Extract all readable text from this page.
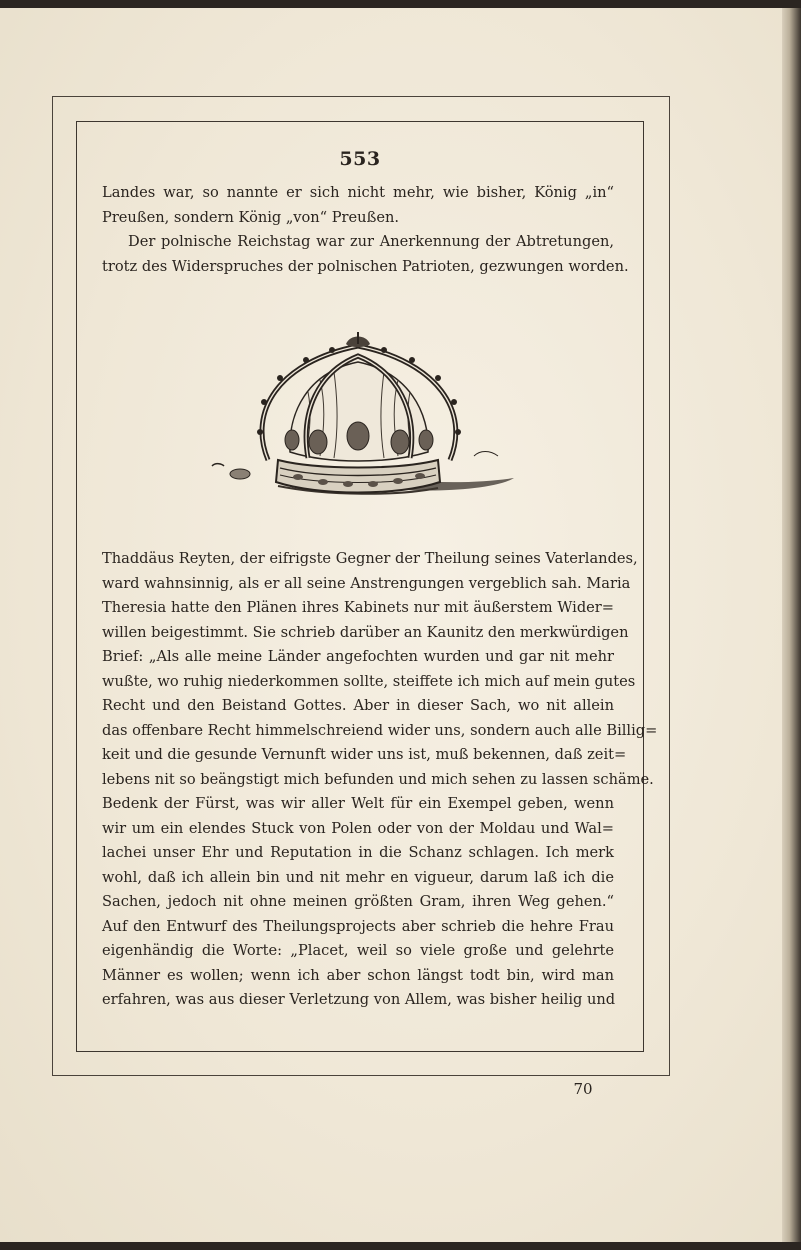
553
Landes war, so nannte er sich nicht mehr, wie bisher, König „in“
Preußen, sondern König „von“ Preußen.
Der polnische Reichstag war zur Anerkennung der Abtretungen,
trotz des Widerspruches der polnischen Patrioten, gezwungen worden.
Thaddäus Reyten, der eifrigste Gegner der Theilung seines Vaterlandes,
ward wahnsinnig, als er all seine Anstrengungen vergeblich sah. Maria
Theresia hatte den Plänen ihres Kabinets nur mit äußerstem Wider=
willen beigestimmt. Sie schrieb darüber an Kaunitz den merkwürdigen
Brief: „Als alle meine Länder angefochten wurden und gar nit mehr
wußte, wo ruhig niederkommen sollte, steiffete ich mich auf mein gutes
Recht und den Beistand Gottes. Aber in dieser Sach, wo nit allein
das offenbare Recht himmelschreiend wider uns, sondern auch alle Billig=
keit und die gesunde Vernunft wider uns ist, muß bekennen, daß zeit=
lebens nit so beängstigt mich befunden und mich sehen zu lassen schäme.
Bedenk der Fürst, was wir aller Welt für ein Exempel geben, wenn
wir um ein elendes Stuck von Polen oder von der Moldau und Wal=
lachei unser Ehr und Reputation in die Schanz schlagen. Ich merk
wohl, daß ich allein bin und nit mehr en vigueur, darum laß ich die
Sachen, jedoch nit ohne meinen größten Gram, ihren Weg gehen.“
Auf den Entwurf des Theilungsprojects aber schrieb die hehre Frau
eigenhändig die Worte: „Placet, weil so viele große und gelehrte
Männer es wollen; wenn ich aber schon längst todt bin, wird man
erfahren, was aus dieser Verletzung von Allem, was bisher heilig und
70
